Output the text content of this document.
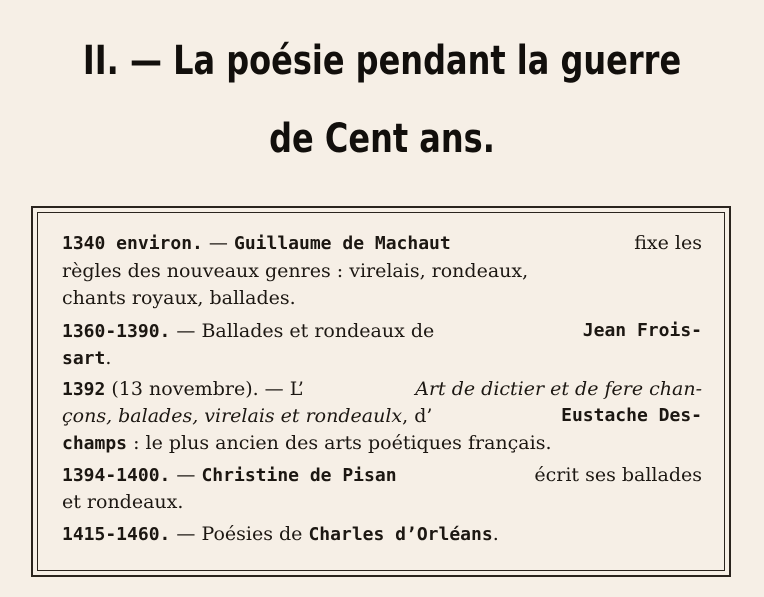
II. — La poésie pendant la guerre
de Cent ans.
1340 environ. — Guillaume de Machaut	fixe les
règles des nouveaux genres : virelais, rondeaux,
chants royaux, ballades.
1360-1390. — Ballades et rondeaux de	Jean Frois-
sart.
1392 (13 novembre). — L’	Art de dictier et de fere chan-
çons, balades, virelais et rondeaulx, d’	Eustache Des-
champs : le plus ancien des arts poétiques français.
1394-1400. — Christine de Pisan	écrit ses ballades
et rondeaux.
1415-1460. — Poésies de Charles d’Orléans.
